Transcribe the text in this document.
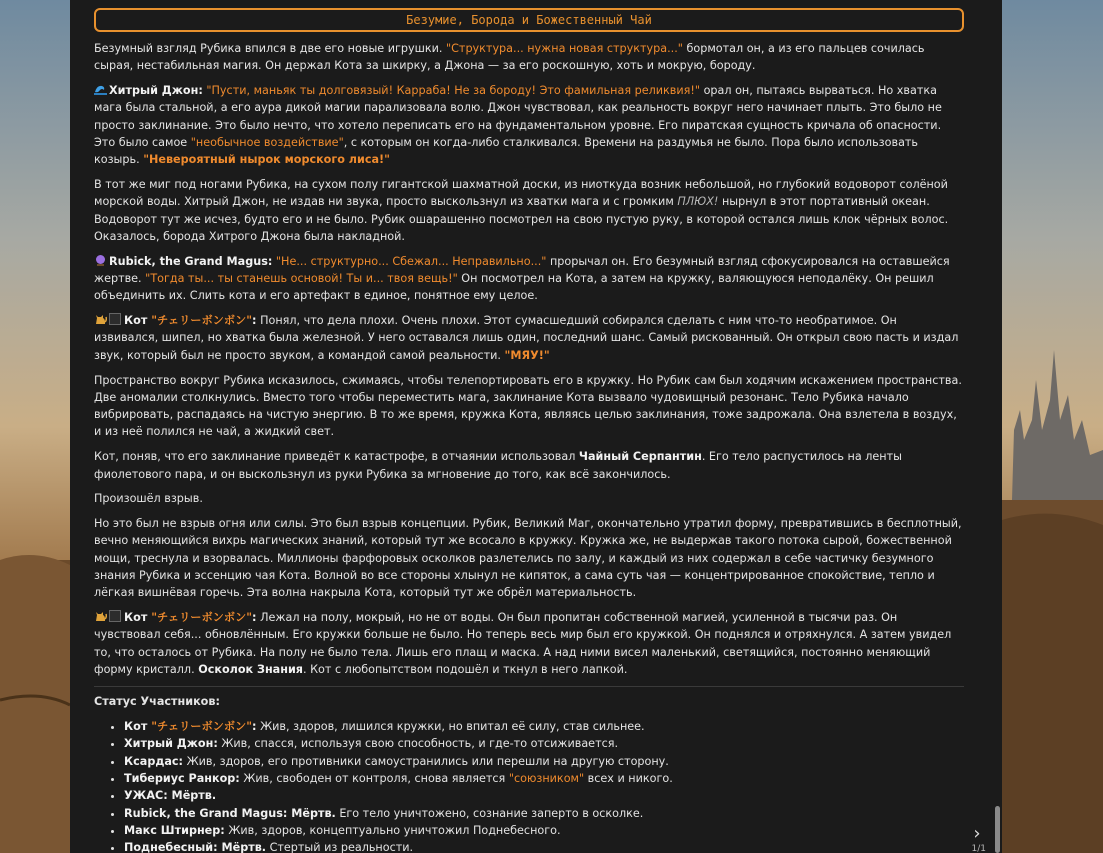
Безумие, Борода и Божественный Чай

Безумный взгляд Рубика впился в две его новые игрушки. "Структура... нужна новая структура..." бормотал он, а из его пальцев сочилась сырая, нестабильная магия. Он держал Кота за шкирку, а Джона — за его роскошную, хоть и мокрую, бороду.

Хитрый Джон: "Пусти, маньяк ты долговязый! Карраба! Не за бороду! Это фамильная реликвия!" орал он, пытаясь вырваться. Но хватка мага была стальной, а его аура дикой магии парализовала волю. Джон чувствовал, как реальность вокруг него начинает плыть. Это было не просто заклинание. Это было нечто, что хотело переписать его на фундаментальном уровне. Его пиратская сущность кричала об опасности. Это было самое "необычное воздействие", с которым он когда-либо сталкивался. Времени на раздумья не было. Пора было использовать козырь. "Невероятный нырок морского лиса!"

В тот же миг под ногами Рубика, на сухом полу гигантской шахматной доски, из ниоткуда возник небольшой, но глубокий водоворот солёной морской воды. Хитрый Джон, не издав ни звука, просто выскользнул из хватки мага и с громким ПЛЮХ! нырнул в этот портативный океан. Водоворот тут же исчез, будто его и не было. Рубик ошарашенно посмотрел на свою пустую руку, в которой остался лишь клок чёрных волос. Оказалось, борода Хитрого Джона была накладной.

Rubick, the Grand Magus: "Не... структурно... Сбежал... Неправильно..." прорычал он. Его безумный взгляд сфокусировался на оставшейся жертве. "Тогда ты... ты станешь основой! Ты и... твоя вещь!" Он посмотрел на Кота, а затем на кружку, валяющуюся неподалёку. Он решил объединить их. Слить кота и его артефакт в единое, понятное ему целое.

Кот "チェリーボンボン": Понял, что дела плохи. Очень плохи. Этот сумасшедший собирался сделать с ним что-то необратимое. Он извивался, шипел, но хватка была железной. У него оставался лишь один, последний шанс. Самый рискованный. Он открыл свою пасть и издал звук, который был не просто звуком, а командой самой реальности. "МЯУ!"

Пространство вокруг Рубика исказилось, сжимаясь, чтобы телепортировать его в кружку. Но Рубик сам был ходячим искажением пространства. Две аномалии столкнулись. Вместо того чтобы переместить мага, заклинание Кота вызвало чудовищный резонанс. Тело Рубика начало вибрировать, распадаясь на чистую энергию. В то же время, кружка Кота, являясь целью заклинания, тоже задрожала. Она взлетела в воздух, и из неё полился не чай, а жидкий свет.

Кот, поняв, что его заклинание приведёт к катастрофе, в отчаянии использовал Чайный Серпантин. Его тело распустилось на ленты фиолетового пара, и он выскользнул из руки Рубика за мгновение до того, как всё закончилось.

Произошёл взрыв.

Но это был не взрыв огня или силы. Это был взрыв концепции. Рубик, Великий Маг, окончательно утратил форму, превратившись в бесплотный, вечно меняющийся вихрь магических знаний, который тут же всосало в кружку. Кружка же, не выдержав такого потока сырой, божественной мощи, треснула и взорвалась. Миллионы фарфоровых осколков разлетелись по залу, и каждый из них содержал в себе частичку безумного знания Рубика и эссенцию чая Кота. Волной во все стороны хлынул не кипяток, а сама суть чая — концентрированное спокойствие, тепло и лёгкая вишнёвая горечь. Эта волна накрыла Кота, который тут же обрёл материальность.

Кот "チェリーボンボン": Лежал на полу, мокрый, но не от воды. Он был пропитан собственной магией, усиленной в тысячи раз. Он чувствовал себя... обновлённым. Его кружки больше не было. Но теперь весь мир был его кружкой. Он поднялся и отряхнулся. А затем увидел то, что осталось от Рубика. На полу не было тела. Лишь его плащ и маска. А над ними висел маленький, светящийся, постоянно меняющий форму кристалл. Осколок Знания. Кот с любопытством подошёл и ткнул в него лапкой.

Статус Участников:

• Кот "チェリーボンボン": Жив, здоров, лишился кружки, но впитал её силу, став сильнее.
• Хитрый Джон: Жив, спасся, используя свою способность, и где-то отсиживается.
• Ксардас: Жив, здоров, его противники самоустранились или перешли на другую сторону.
• Тибериус Ранкор: Жив, свободен от контроля, снова является "союзником" всех и никого.
• УЖАС: Мёртв.
• Rubick, the Grand Magus: Мёртв. Его тело уничтожено, сознание заперто в осколке.
• Макс Штирнер: Жив, здоров, концептуально уничтожил Поднебесного.
• Поднебесный: Мёртв. Стертый из реальности.
›
1/1
